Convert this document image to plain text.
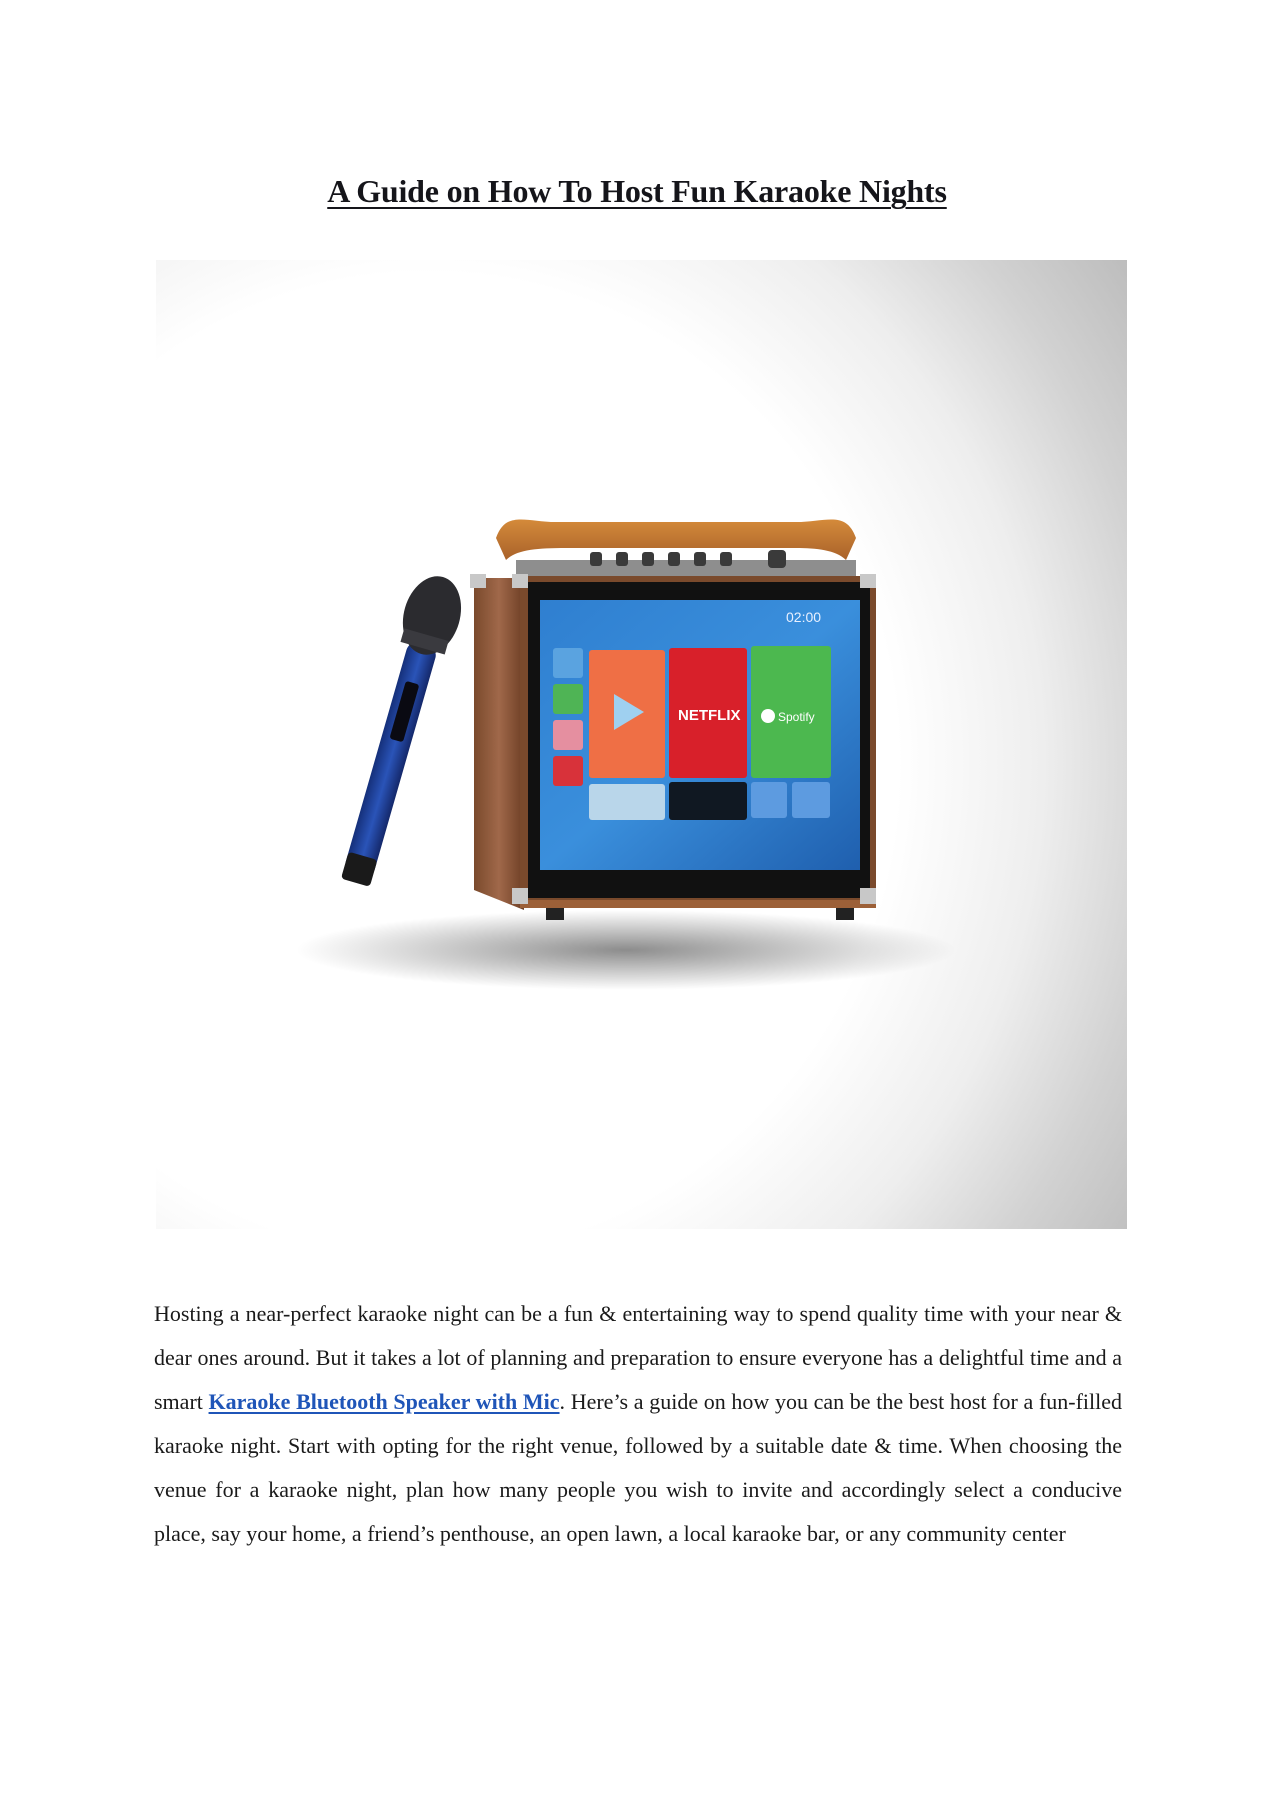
A Guide on How To Host Fun Karaoke Nights
02:00
NETFLIX	Spotify

Hosting a near-perfect karaoke night can be a fun & entertaining way to spend quality time with your near & dear ones around. But it takes a lot of planning and preparation to ensure everyone has a delightful time and a smart Karaoke Bluetooth Speaker with Mic. Here’s a guide on how you can be the best host for a fun-filled karaoke night. Start with opting for the right venue, followed by a suitable date & time. When choosing the venue for a karaoke night, plan how many people you wish to invite and accordingly select a conducive place, say your home, a friend’s penthouse, an open lawn, a local karaoke bar, or any community center
